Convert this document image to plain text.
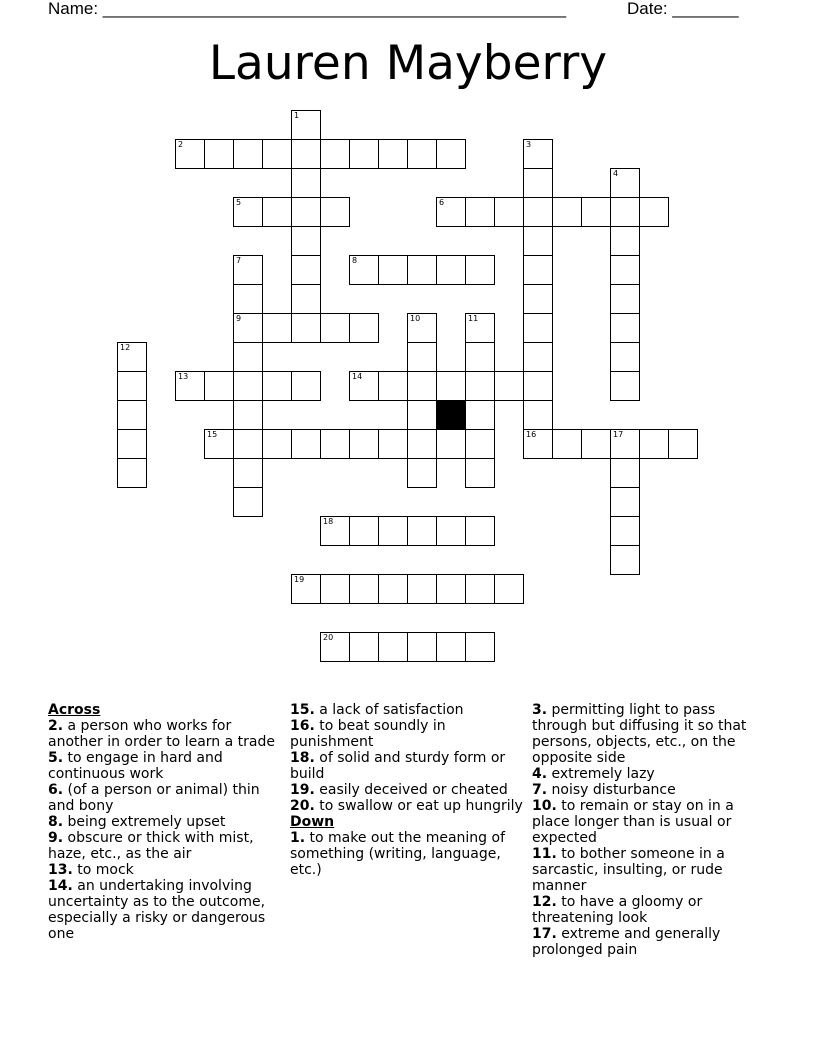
Name: _________________________________________________	Date: _______
Lauren Mayberry
1
2	3
4
5	6
7
9
8
10	11
12
13	14
15	16	17
18
19
20
Across
2. a person who works for another in order to learn a trade
5. to engage in hard and continuous work
6. (of a person or animal) thin and bony
8. being extremely upset
9. obscure or thick with mist, haze, etc., as the air
13. to mock
14. an undertaking involving uncertainty as to the outcome, especially a risky or dangerous one
15. a lack of satisfaction
16. to beat soundly in punishment
18. of solid and sturdy form or build
19. easily deceived or cheated
20. to swallow or eat up hungrily
Down
1. to make out the meaning of something (writing, language, etc.)
3. permitting light to pass through but diffusing it so that persons, objects, etc., on the opposite side
4. extremely lazy
7. noisy disturbance
10. to remain or stay on in a place longer than is usual or expected
11. to bother someone in a sarcastic, insulting, or rude manner
12. to have a gloomy or threatening look
17. extreme and generally prolonged pain
